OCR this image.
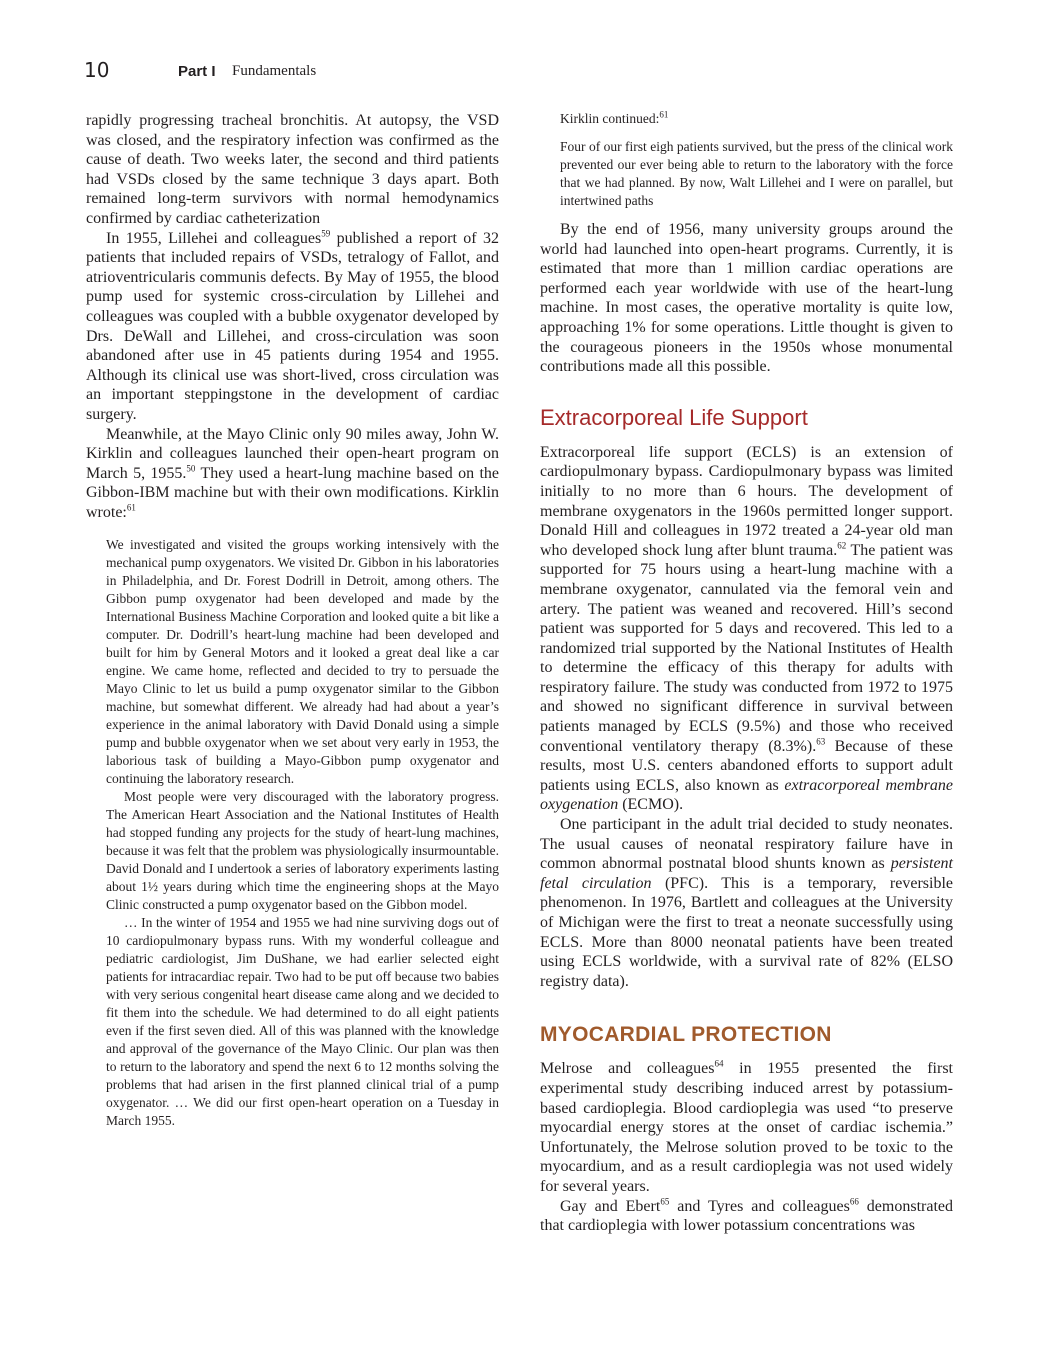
10	Part I Fundamentals

rapidly progressing tracheal bronchitis. At autopsy, the VSD was closed, and the respiratory infection was confirmed as the cause of death. Two weeks later, the second and third patients had VSDs closed by the same technique 3 days apart. Both remained long-term survivors with normal hemodynamics confirmed by cardiac catheterization

In 1955, Lillehei and colleagues$^{59}$ published a report of 32 patients that included repairs of VSDs, tetralogy of Fallot, and atrioventricularis communis defects. By May of 1955, the blood pump used for systemic cross-circulation by Lillehei and colleagues was coupled with a bubble oxygenator developed by Drs. DeWall and Lillehei, and cross-circulation was soon abandoned after use in 45 patients during 1954 and 1955. Although its clinical use was short-lived, cross circulation was an important steppingstone in the development of cardiac surgery.

Meanwhile, at the Mayo Clinic only 90 miles away, John W. Kirklin and colleagues launched their open-heart program on March 5, 1955.50 They used a heart-lung machine based on the Gibbon-IBM machine but with their own modifications. Kirklin wrote:$^{61}$

We investigated and visited the groups working intensively with the mechanical pump oxygenators. We visited Dr. Gibbon in his laboratories in Philadelphia, and Dr. Forest Dodrill in Detroit, among others. The Gibbon pump oxygenator had been developed and made by the International Business Machine Corporation and looked quite a bit like a computer. Dr. Dodrill’s heart-lung machine had been developed and built for him by General Motors and it looked a great deal like a car engine. We came home, reflected and decided to try to persuade the Mayo Clinic to let us build a pump oxygenator similar to the Gibbon machine, but somewhat different. We already had had about a year’s experience in the animal laboratory with David Donald using a simple pump and bubble oxygenator when we set about very early in 1953, the laborious task of building a Mayo-Gibbon pump oxygenator and continuing the laboratory research.

Most people were very discouraged with the laboratory progress. The American Heart Association and the National Institutes of Health had stopped funding any projects for the study of heart-lung machines, because it was felt that the problem was physiologically insurmountable. David Donald and I undertook a series of laboratory experiments lasting about 1½ years during which time the engineering shops at the Mayo Clinic constructed a pump oxygenator based on the Gibbon model.

… In the winter of 1954 and 1955 we had nine surviving dogs out of 10 cardiopulmonary bypass runs. With my wonderful colleague and pediatric cardiologist, Jim DuShane, we had earlier selected eight patients for intracardiac repair. Two had to be put off because two babies with very serious congenital heart disease came along and we decided to fit them into the schedule. We had determined to do all eight patients even if the first seven died. All of this was planned with the knowledge and approval of the governance of the Mayo Clinic. Our plan was then to return to the laboratory and spend the next 6 to 12 months solving the problems that had arisen in the first planned clinical trial of a pump oxygenator. … We did our first open-heart operation on a Tuesday in March 1955.

Kirklin continued:$^{61}$

Four of our first eigh patients survived, but the press of the clinical work prevented our ever being able to return to the laboratory with the force that we had planned. By now, Walt Lillehei and I were on parallel, but intertwined paths

By the end of 1956, many university groups around the world had launched into open-heart programs. Currently, it is estimated that more than 1 million cardiac operations are performed each year worldwide with use of the heart-lung machine. In most cases, the operative mortality is quite low, approaching 1% for some operations. Little thought is given to the courageous pioneers in the 1950s whose monumental contributions made all this possible.

Extracorporeal Life Support

Extracorporeal life support (ECLS) is an extension of cardiopulmonary bypass. Cardiopulmonary bypass was limited initially to no more than 6 hours. The development of membrane oxygenators in the 1960s permitted longer support. Donald Hill and colleagues in 1972 treated a 24-year old man who developed shock lung after blunt trauma.$^{62}$ The patient was supported for 75 hours using a heart-lung machine with a membrane oxygenator, cannulated via the femoral vein and artery. The patient was weaned and recovered. Hill’s second patient was supported for 5 days and recovered. This led to a randomized trial supported by the National Institutes of Health to determine the efficacy of this therapy for adults with respiratory failure. The study was conducted from 1972 to 1975 and showed no significant difference in survival between patients managed by ECLS (9.5%) and those who received conventional ventilatory therapy (8.3%).$^{63}$ Because of these results, most U.S. centers abandoned efforts to support adult patients using ECLS, also known as extracorporeal membrane oxygenation (ECMO).

One participant in the adult trial decided to study neonates. The usual causes of neonatal respiratory failure have in common abnormal postnatal blood shunts known as persistent fetal circulation (PFC). This is a temporary, reversible phenomenon. In 1976, Bartlett and colleagues at the University of Michigan were the first to treat a neonate successfully using ECLS. More than 8000 neonatal patients have been treated using ECLS worldwide, with a survival rate of 82% (ELSO registry data).

MYOCARDIAL PROTECTION

Melrose and colleagues$^{64}$ in 1955 presented the first experimental study describing induced arrest by potassium-based cardioplegia. Blood cardioplegia was used “to preserve myocardial energy stores at the onset of cardiac ischemia.” Unfortunately, the Melrose solution proved to be toxic to the myocardium, and as a result cardioplegia was not used widely for several years.

Gay and Ebert$^{65}$ and Tyres and colleagues$^{66}$ demonstrated that cardioplegia with lower potassium concentrations was
